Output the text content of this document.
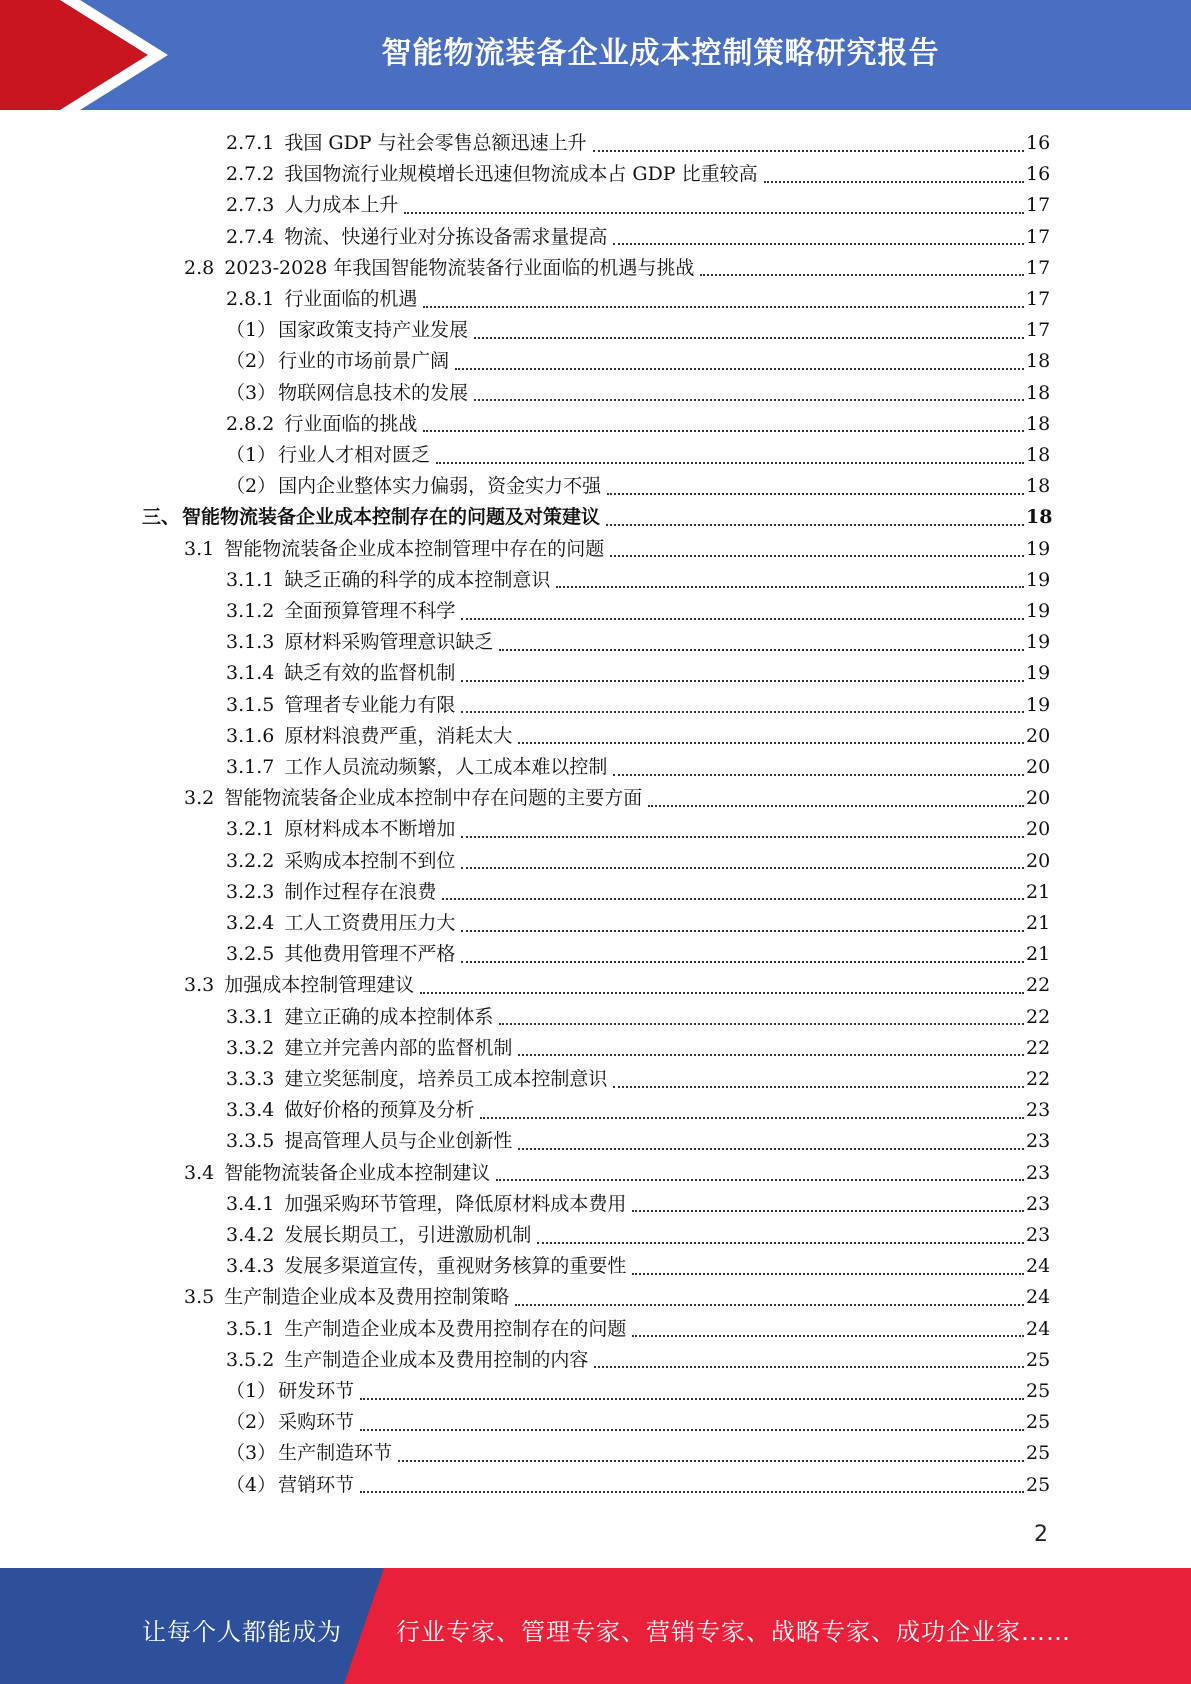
智能物流装备企业成本控制策略研究报告
2.7.1 我国 GDP 与社会零售总额迅速上升	16
2.7.2 我国物流行业规模增长迅速但物流成本占 GDP 比重较高	16
2.7.3 人力成本上升	17
2.7.4 物流、快递行业对分拣设备需求量提高	17
2.8 2023-2028 年我国智能物流装备行业面临的机遇与挑战	17
2.8.1 行业面临的机遇	17
（1） 国家政策支持产业发展	17
（2） 行业的市场前景广阔	18
（3） 物联网信息技术的发展	18
2.8.2 行业面临的挑战	18
（1） 行业人才相对匮乏	18
（2） 国内企业整体实力偏弱，资金实力不强	18
三、 智能物流装备企业成本控制存在的问题及对策建议	18
3.1 智能物流装备企业成本控制管理中存在的问题	19
3.1.1 缺乏正确的科学的成本控制意识	19
3.1.2 全面预算管理不科学	19
3.1.3 原材料采购管理意识缺乏	19
3.1.4 缺乏有效的监督机制	19
3.1.5 管理者专业能力有限	19
3.1.6 原材料浪费严重，消耗太大	20
3.1.7 工作人员流动频繁，人工成本难以控制	20
3.2 智能物流装备企业成本控制中存在问题的主要方面	20
3.2.1 原材料成本不断增加	20
3.2.2 采购成本控制不到位	20
3.2.3 制作过程存在浪费	21
3.2.4 工人工资费用压力大	21
3.2.5 其他费用管理不严格	21
3.3 加强成本控制管理建议	22
3.3.1 建立正确的成本控制体系	22
3.3.2 建立并完善内部的监督机制	22
3.3.3 建立奖惩制度，培养员工成本控制意识	22
3.3.4 做好价格的预算及分析	23
3.3.5 提高管理人员与企业创新性	23
3.4 智能物流装备企业成本控制建议	23
3.4.1 加强采购环节管理，降低原材料成本费用	23
3.4.2 发展长期员工，引进激励机制	23
3.4.3 发展多渠道宣传，重视财务核算的重要性	24
3.5 生产制造企业成本及费用控制策略	24
3.5.1 生产制造企业成本及费用控制存在的问题	24
3.5.2 生产制造企业成本及费用控制的内容	25
（1） 研发环节	25
（2） 采购环节	25
（3） 生产制造环节	25
（4） 营销环节	25
2
让每个人都能成为 行业专家、管理专家、营销专家、战略专家、成功企业家……
